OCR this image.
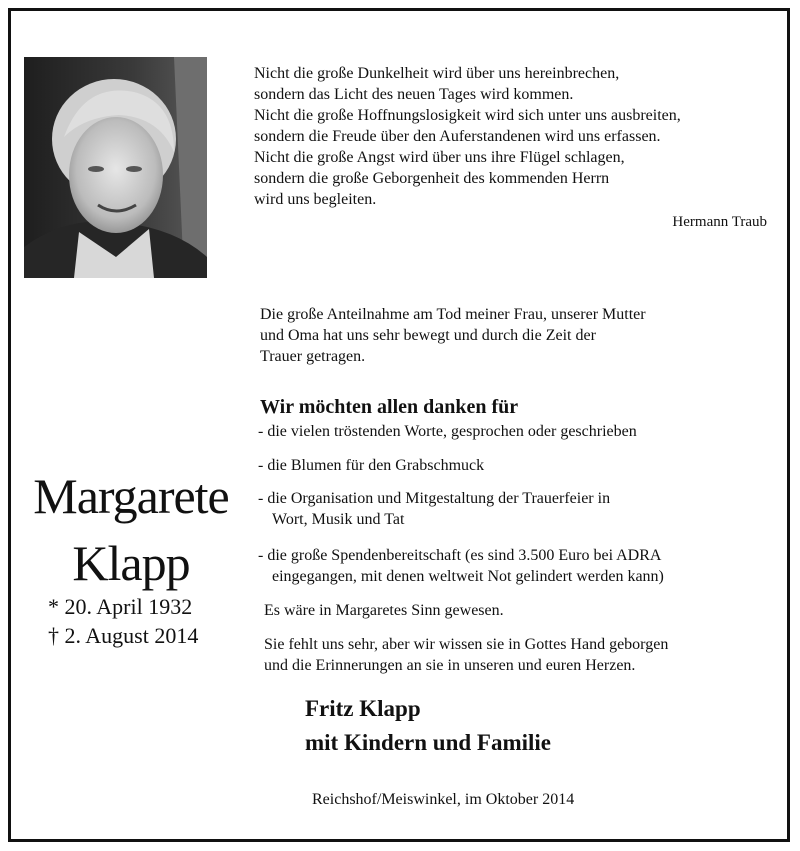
Nicht die große Dunkelheit wird über uns hereinbrechen,
sondern das Licht des neuen Tages wird kommen.
Nicht die große Hoffnungslosigkeit wird sich unter uns ausbreiten,
sondern die Freude über den Auferstandenen wird uns erfassen.
Nicht die große Angst wird über uns ihre Flügel schlagen,
sondern die große Geborgenheit des kommenden Herrn
wird uns begleiten.
Hermann Traub
Die große Anteilnahme am Tod meiner Frau, unserer Mutter
und Oma hat uns sehr bewegt und durch die Zeit der
Trauer getragen.
Wir möchten allen danken für
- die vielen tröstenden Worte, gesprochen oder geschrieben
- die Blumen für den Grabschmuck
- die Organisation und Mitgestaltung der Trauerfeier in
Wort, Musik und Tat
- die große Spendenbereitschaft (es sind 3.500 Euro bei ADRA
eingegangen, mit denen weltweit Not gelindert werden kann)
Margarete
Klapp
* 20. April 1932
† 2. August 2014
Es wäre in Margaretes Sinn gewesen.
Sie fehlt uns sehr, aber wir wissen sie in Gottes Hand geborgen
und die Erinnerungen an sie in unseren und euren Herzen.
Fritz Klapp
mit Kindern und Familie
Reichshof/Meiswinkel, im Oktober 2014
